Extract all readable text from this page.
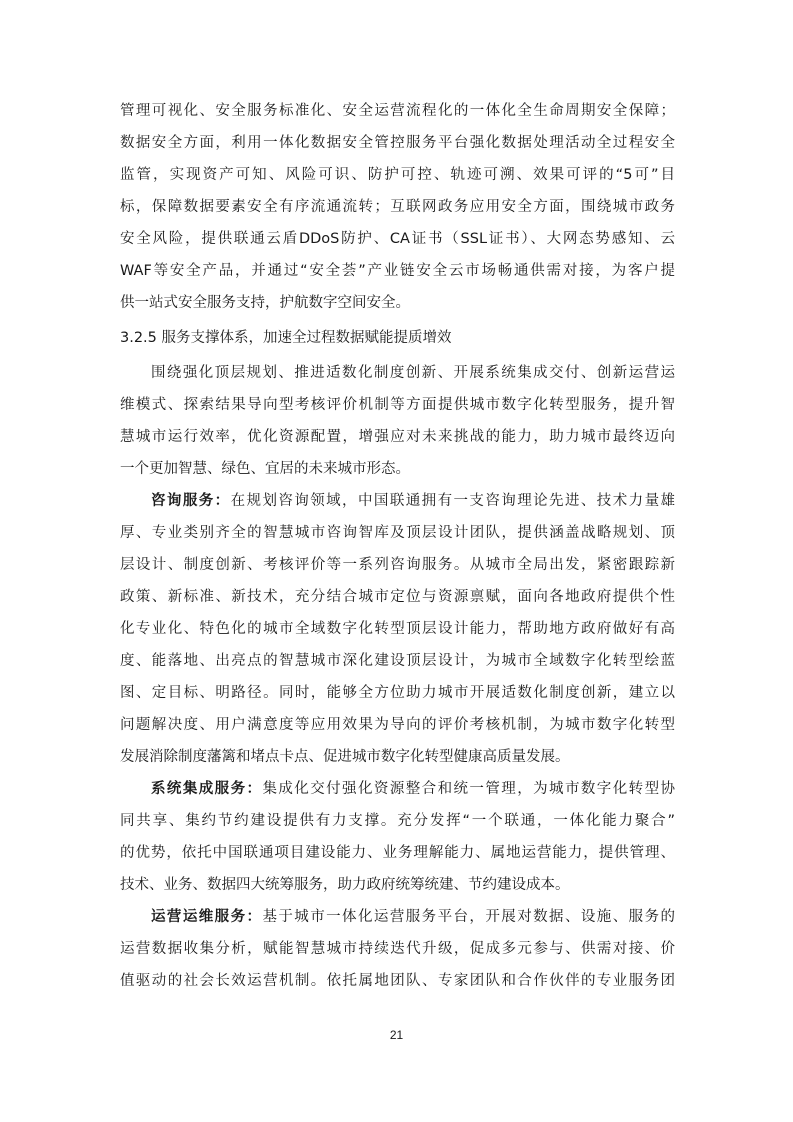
管理可视化、安全服务标准化、安全运营流程化的一体化全生命周期安全保障；
数据安全方面，利用一体化数据安全管控服务平台强化数据处理活动全过程安全
监管，实现资产可知、风险可识、防护可控、轨迹可溯、效果可评的“5可”目
标，保障数据要素安全有序流通流转；互联网政务应用安全方面，围绕城市政务
安全风险，提供联通云盾DDoS防护、CA证书（SSL证书）、大网态势感知、云
WAF等安全产品，并通过“安全荟”产业链安全云市场畅通供需对接，为客户提
供一站式安全服务支持，护航数字空间安全。
3.2.5 服务支撑体系，加速全过程数据赋能提质增效
围绕强化顶层规划、推进适数化制度创新、开展系统集成交付、创新运营运
维模式、探索结果导向型考核评价机制等方面提供城市数字化转型服务，提升智
慧城市运行效率，优化资源配置，增强应对未来挑战的能力，助力城市最终迈向
一个更加智慧、绿色、宜居的未来城市形态。
咨询服务：在规划咨询领域，中国联通拥有一支咨询理论先进、技术力量雄
厚、专业类别齐全的智慧城市咨询智库及顶层设计团队，提供涵盖战略规划、顶
层设计、制度创新、考核评价等一系列咨询服务。从城市全局出发，紧密跟踪新
政策、新标准、新技术，充分结合城市定位与资源禀赋，面向各地政府提供个性
化专业化、特色化的城市全域数字化转型顶层设计能力，帮助地方政府做好有高
度、能落地、出亮点的智慧城市深化建设顶层设计，为城市全域数字化转型绘蓝
图、定目标、明路径。同时，能够全方位助力城市开展适数化制度创新，建立以
问题解决度、用户满意度等应用效果为导向的评价考核机制，为城市数字化转型
发展消除制度藩篱和堵点卡点、促进城市数字化转型健康高质量发展。
系统集成服务：集成化交付强化资源整合和统一管理，为城市数字化转型协
同共享、集约节约建设提供有力支撑。充分发挥“一个联通，一体化能力聚合”
的优势，依托中国联通项目建设能力、业务理解能力、属地运营能力，提供管理、
技术、业务、数据四大统筹服务，助力政府统筹统建、节约建设成本。
运营运维服务：基于城市一体化运营服务平台，开展对数据、设施、服务的
运营数据收集分析，赋能智慧城市持续迭代升级，促成多元参与、供需对接、价
值驱动的社会长效运营机制。依托属地团队、专家团队和合作伙伴的专业服务团
21
